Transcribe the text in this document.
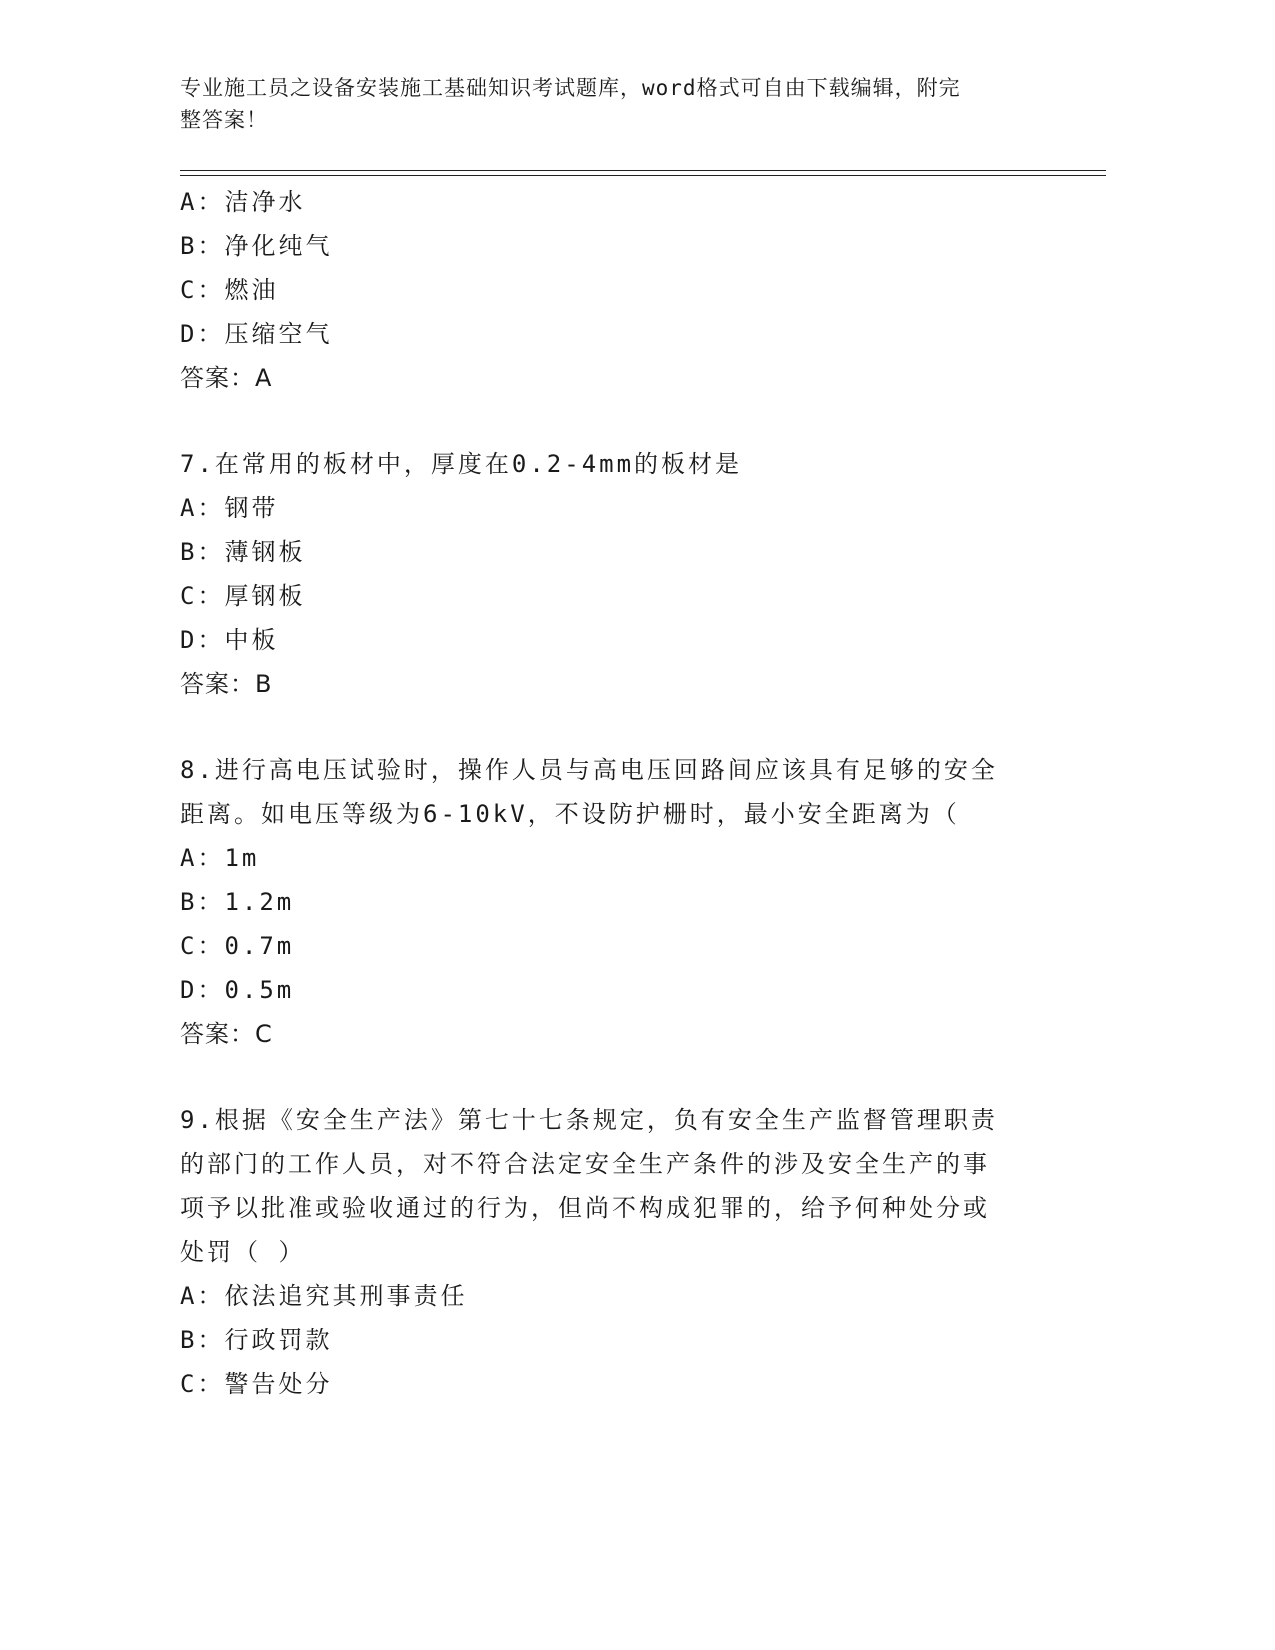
专业施工员之设备安装施工基础知识考试题库，word格式可自由下载编辑，附完
整答案！
A：洁净水
B：净化纯气
C：燃油
D：压缩空气
答案：A
7.在常用的板材中，厚度在0.2-4mm的板材是
A：钢带
B：薄钢板
C：厚钢板
D：中板
答案：B
8.进行高电压试验时，操作人员与高电压回路间应该具有足够的安全
距离。如电压等级为6-10kV，不设防护栅时，最小安全距离为（
A：1m
B：1.2m
C：0.7m
D：0.5m
答案：C
9.根据《安全生产法》第七十七条规定，负有安全生产监督管理职责
的部门的工作人员，对不符合法定安全生产条件的涉及安全生产的事
项予以批准或验收通过的行为，但尚不构成犯罪的，给予何种处分或
处罚（ ）
A：依法追究其刑事责任
B：行政罚款
C：警告处分
